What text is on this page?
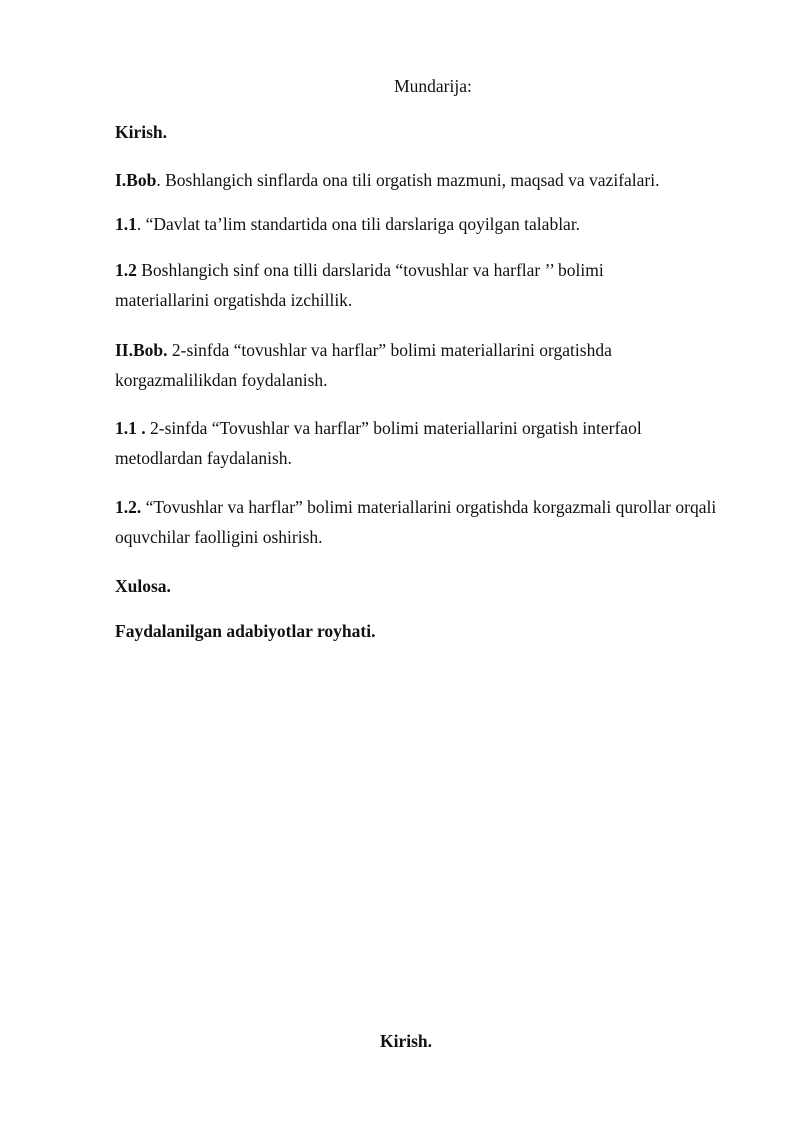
Mundarija:

Kirish.

I.Bob. Boshlangich sinflarda ona tili orgatish mazmuni, maqsad va vazifalari.

1.1. “Davlat ta’lim standartida ona tili darslariga qoyilgan talablar.

1.2 Boshlangich sinf ona tilli darslarida “tovushlar va harflar ’’ bolimi materiallarini orgatishda izchillik.

II.Bob. 2-sinfda “tovushlar va harflar” bolimi materiallarini orgatishda korgazmalilikdan foydalanish.

1.1 . 2-sinfda “Tovushlar va harflar” bolimi materiallarini orgatish interfaol metodlardan faydalanish.

1.2. “Tovushlar va harflar” bolimi materiallarini orgatishda korgazmali qurollar orqali oquvchilar faolligini oshirish.

Xulosa.

Faydalanilgan adabiyotlar royhati.

Kirish.
